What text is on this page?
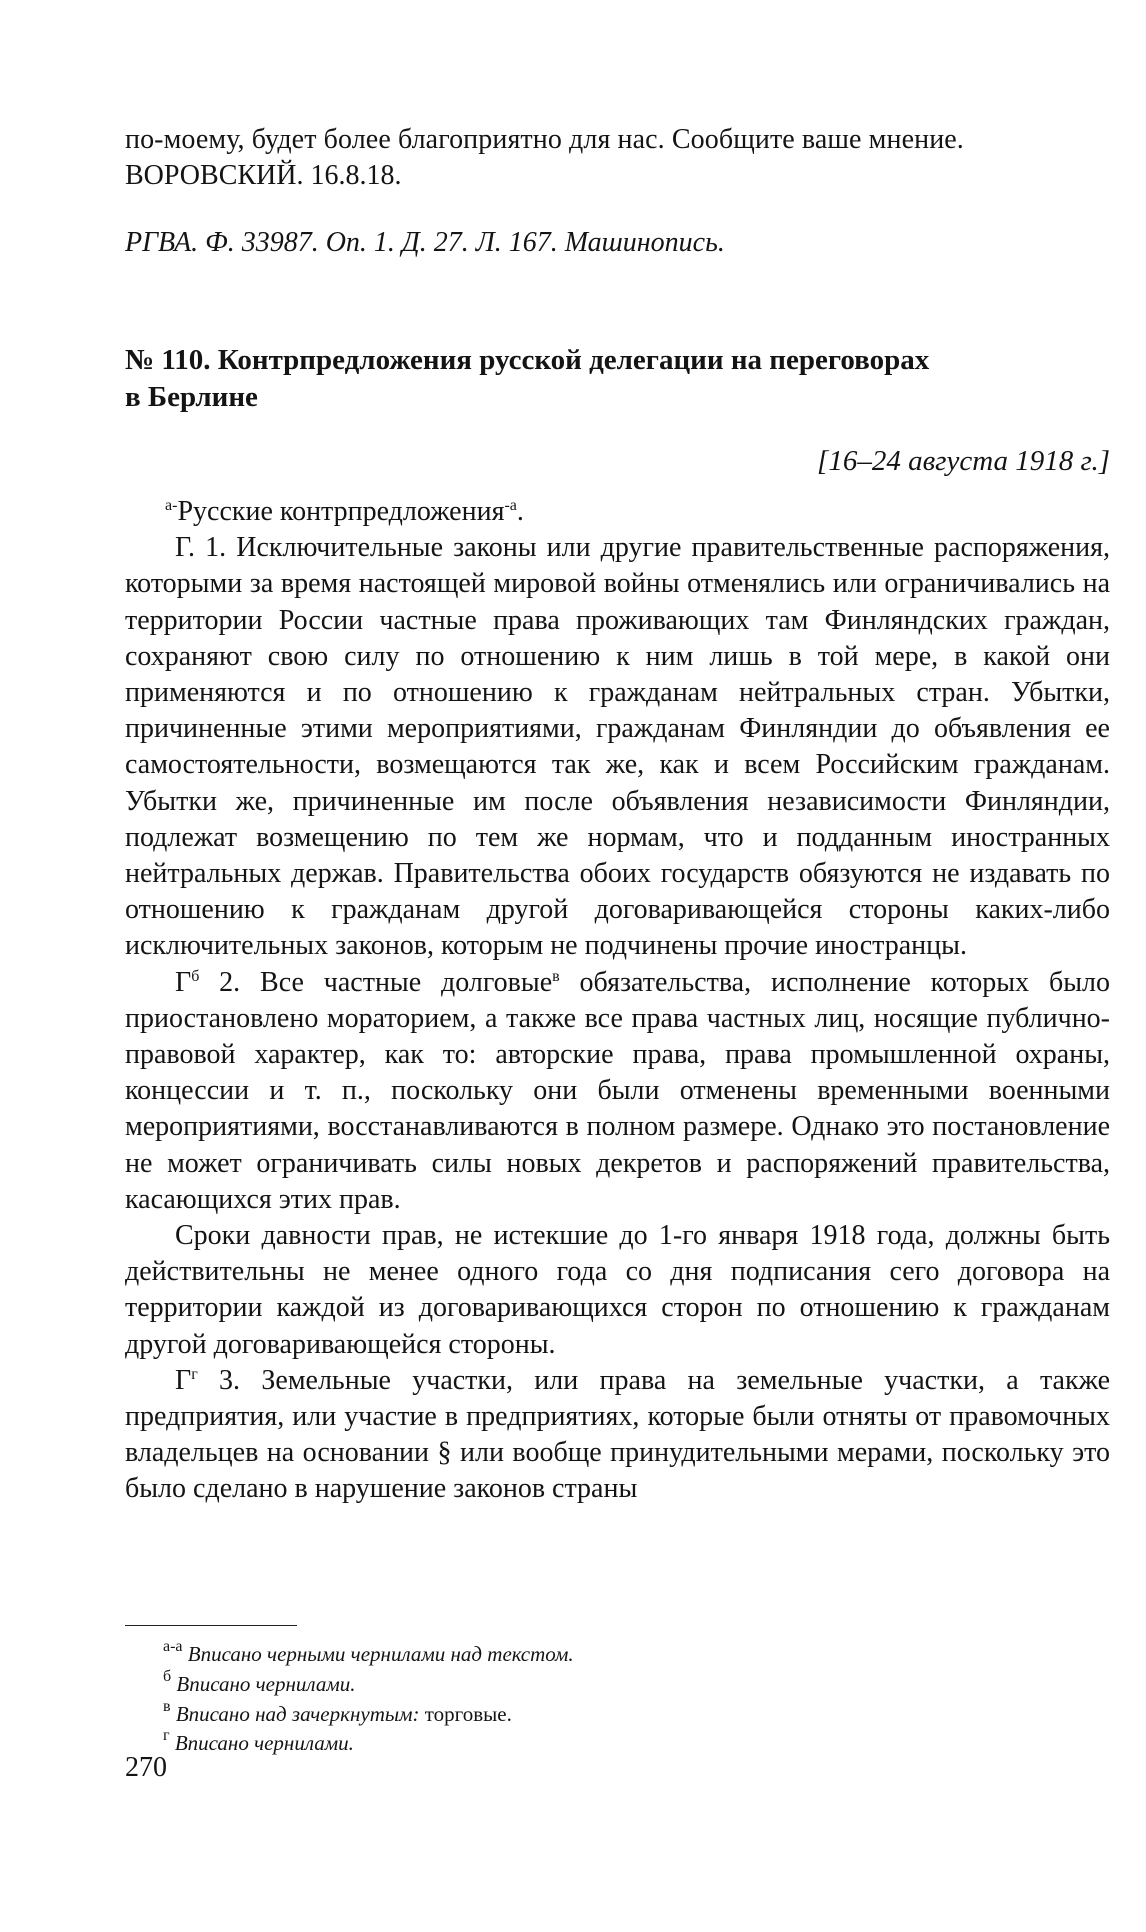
по-моему, будет более благоприятно для нас. Сообщите ваше мнение.

ВОРОВСКИЙ. 16.8.18.

РГВА. Ф. 33987. Оп. 1. Д. 27. Л. 167. Машинопись.

№ 110. Контрпредложения русской делегации на переговорах

в Берлине

[16–24 августа 1918 г.]

$^{а-}$Русские контрпредложения$^{-а}$.

Г. 1. Исключительные законы или другие правительственные распоряжения, которыми за время настоящей мировой войны отменялись или ограничивались на территории России частные права проживающих там Финляндских граждан, сохраняют свою силу по отношению к ним лишь в той мере, в какой они применяются и по отношению к гражданам нейтральных стран. Убытки, причиненные этими мероприятиями, гражданам Финляндии до объявления ее самостоятельности, возмещаются так же, как и всем Российским гражданам. Убытки же, причиненные им после объявления независимости Финляндии, подлежат возмещению по тем же нормам, что и подданным иностранных нейтральных держав. Правительства обоих государств обязуются не издавать по отношению к гражданам другой договаривающейся стороны каких-либо исключительных законов, которым не подчинены прочие иностранцы.

$Г^б$ 2. Все частные долговые$^в$ обязательства, исполнение которых было приостановлено мораторием, а также все права частных лиц, носящие публично-правовой характер, как то: авторские права, права промышленной охраны, концессии и т. п., поскольку они были отменены временными военными мероприятиями, восстанавливаются в полном размере. Однако это постановление не может ограничивать силы новых декретов и распоряжений правительства, касающихся этих прав.

Сроки давности прав, не истекшие до 1-го января 1918 года, должны быть действительны не менее одного года со дня подписания сего договора на территории каждой из договаривающихся сторон по отношению к гражданам другой договаривающейся стороны.

$Г^г$ 3. Земельные участки, или права на земельные участки, а также предприятия, или участие в предприятиях, которые были отняты от правомочных владельцев на основании § или вообще принудительными мерами, поскольку это было сделано в нарушение законов страны

$^{а-а}$ Вписано черными чернилами над текстом.

$^б$ Вписано чернилами.

$^в$ Вписано над зачеркнутым: торговые.

$^г$ Вписано чернилами.

270
